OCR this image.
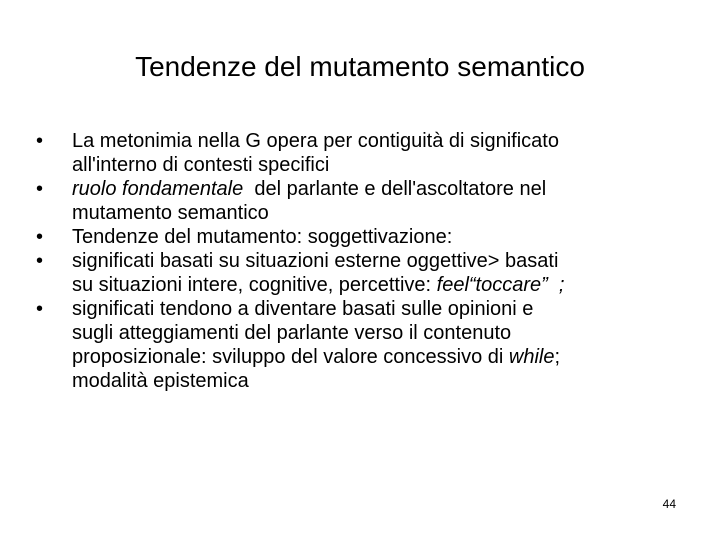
Tendenze del mutamento semantico
•	La metonimia nella G opera per contiguità di significato
all'interno di contesti specifici
•	ruolo fondamentale  del parlante e dell'ascoltatore nel
mutamento semantico
•	Tendenze del mutamento: soggettivazione:
•	significati basati su situazioni esterne oggettive> basati
su situazioni intere, cognitive, percettive: feel“toccare”  ;
•	significati tendono a diventare basati sulle opinioni e
sugli atteggiamenti del parlante verso il contenuto
proposizionale: sviluppo del valore concessivo di while;
modalità epistemica
44
